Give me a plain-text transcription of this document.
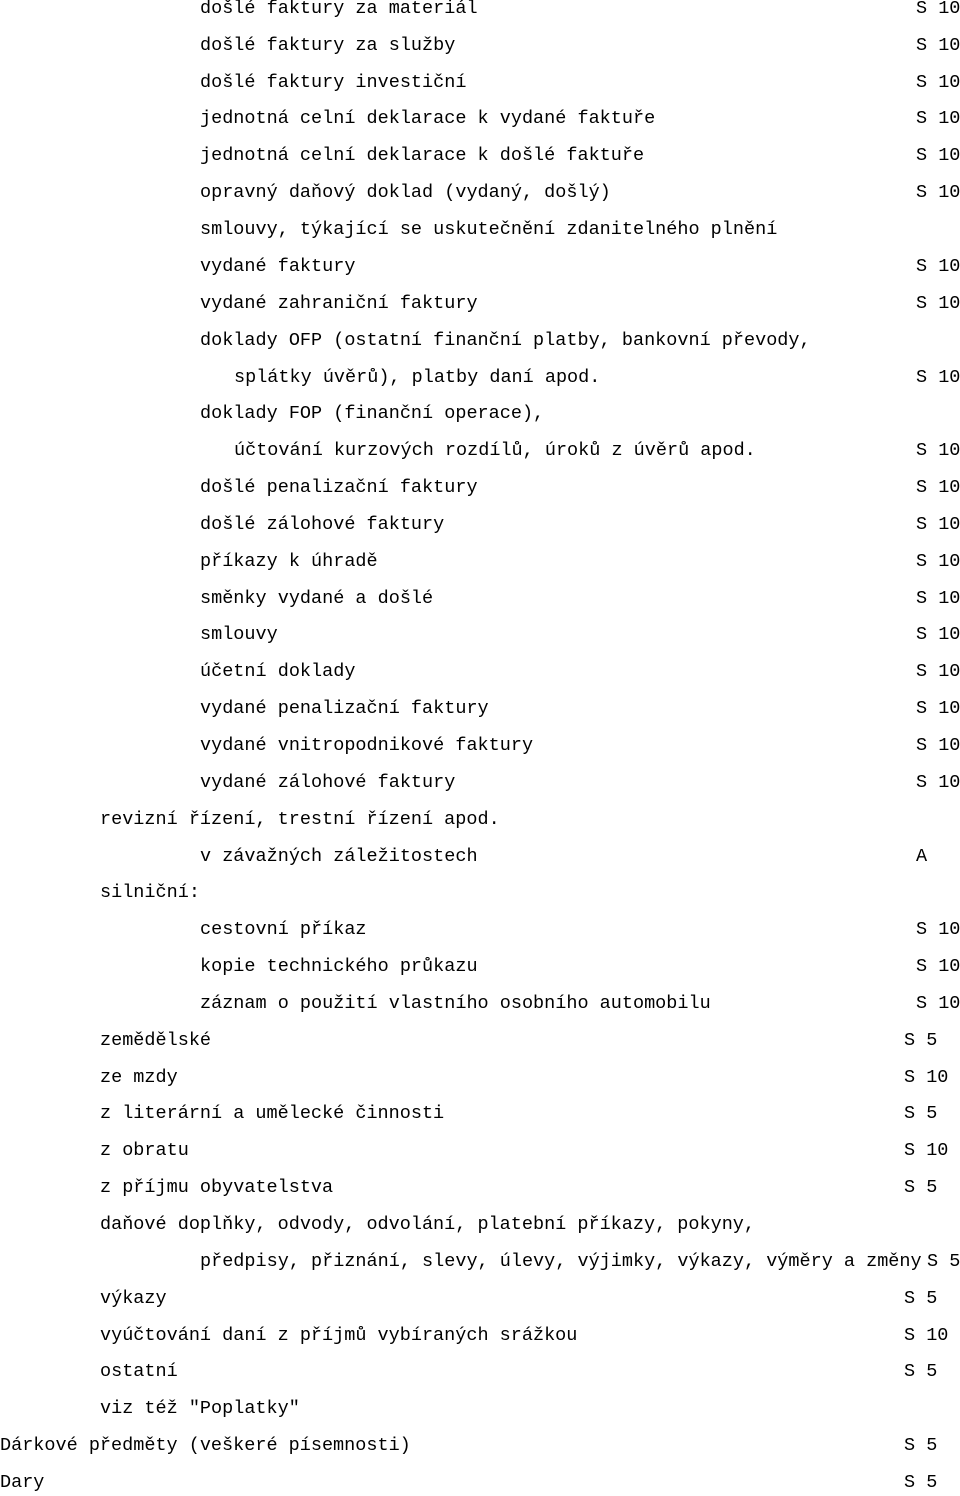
došlé faktury za materiál	S 10
došlé faktury za služby	S 10
došlé faktury investiční	S 10
jednotná celní deklarace k vydané faktuře	S 10
jednotná celní deklarace k došlé faktuře	S 10
opravný daňový doklad (vydaný, došlý)	S 10
smlouvy, týkající se uskutečnění zdanitelného plnění
vydané faktury	S 10
vydané zahraniční faktury	S 10
doklady OFP (ostatní finanční platby, bankovní převody,
splátky úvěrů), platby daní apod.	S 10
doklady FOP (finanční operace),
účtování kurzových rozdílů, úroků z úvěrů apod.	S 10
došlé penalizační faktury	S 10
došlé zálohové faktury	S 10
příkazy k úhradě	S 10
směnky vydané a došlé	S 10
smlouvy	S 10
účetní doklady	S 10
vydané penalizační faktury	S 10
vydané vnitropodnikové faktury	S 10
vydané zálohové faktury	S 10
revizní řízení, trestní řízení apod.
v závažných záležitostech	A
silniční:
cestovní příkaz	S 10
kopie technického průkazu	S 10
záznam o použití vlastního osobního automobilu	S 10
zemědělské	S 5
ze mzdy	S 10
z literární a umělecké činnosti	S 5
z obratu	S 10
z příjmu obyvatelstva	S 5
daňové doplňky, odvody, odvolání, platební příkazy, pokyny,
předpisy, přiznání, slevy, úlevy, výjimky, výkazy, výměry a změny S 5
výkazy	S 5
vyúčtování daní z příjmů vybíraných srážkou	S 10
ostatní	S 5
viz též "Poplatky"
Dárkové předměty (veškeré písemnosti)	S 5
Dary	S 5
